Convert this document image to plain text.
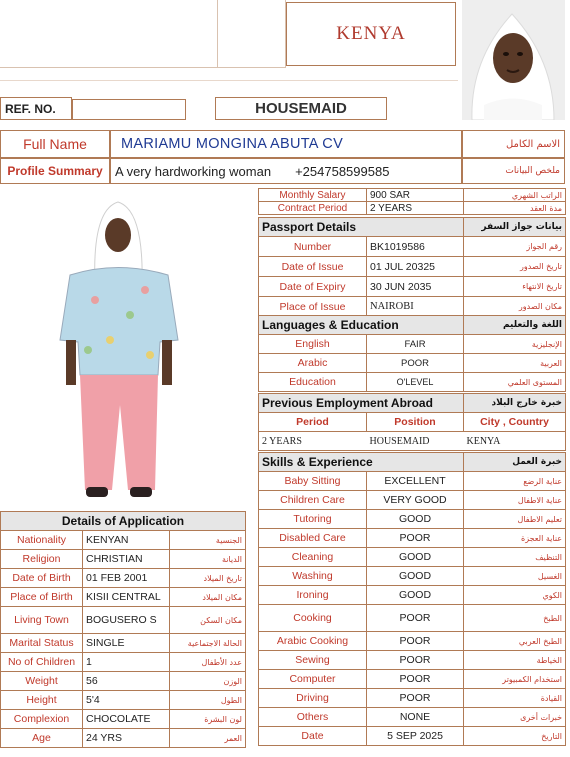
KENYA
REF. NO.	HOUSEMAID
Full Name	MARIAMU MONGINA ABUTA CV	الاسم الكامل
Profile Summary A very hardworking woman +254758599585	ملخص البيانات
Monthly Salary	900 SAR	الراتب الشهري
Contract Period	2 YEARS	مدة العقد
Passport Details		بيانات جواز السفر
Number	BK1019586	رقم الجواز
Date of Issue	01 JUL 20325	تاريخ الصدور
Date of Expiry	30 JUN 2035	تاريخ الانتهاء
Place of Issue	NAIROBI	مكان الصدور
Languages & Education		اللغة والتعليم
English	FAIR	الإنجليزية
Arabic	POOR	العربية
Education	O'LEVEL	المستوى العلمي
Previous Employment Abroad		خبرة خارج البلاد
Period	Position	City , Country
2 YEARS	HOUSEMAID	KENYA

Skills & Experience		خبرة العمل
Baby Sitting	EXCELLENT	عناية الرضع
Children Care	VERY GOOD	عناية الاطفال
Tutoring	GOOD	تعليم الاطفال
Disabled Care	POOR	عناية العجزة
Cleaning	GOOD	التنظيف
Washing	GOOD	الغسيل
Ironing	GOOD	الكوي
Cooking	POOR	الطبخ
Arabic Cooking	POOR	الطبخ العربي
Sewing	POOR	الخياطة
Computer	POOR	استخدام الكمبيوتر
Driving	POOR	القيادة
Others	NONE	خبرات أخرى
Date	5 SEP 2025	التاريخ
Details of Application		
Nationality	KENYAN	الجنسية
Religion	CHRISTIAN	الديانة
Date of Birth	01 FEB 2001	تاريخ الميلاد
Place of Birth	KISII CENTRAL	مكان الميلاد
Living Town	BOGUSERO S	مكان السكن
Marital Status	SINGLE	الحالة الاجتماعية
No of Children	1	عدد الأطفال
Weight	56	الوزن
Height	5'4	الطول
Complexion	CHOCOLATE	لون البشرة
Age	24 YRS	العمر
